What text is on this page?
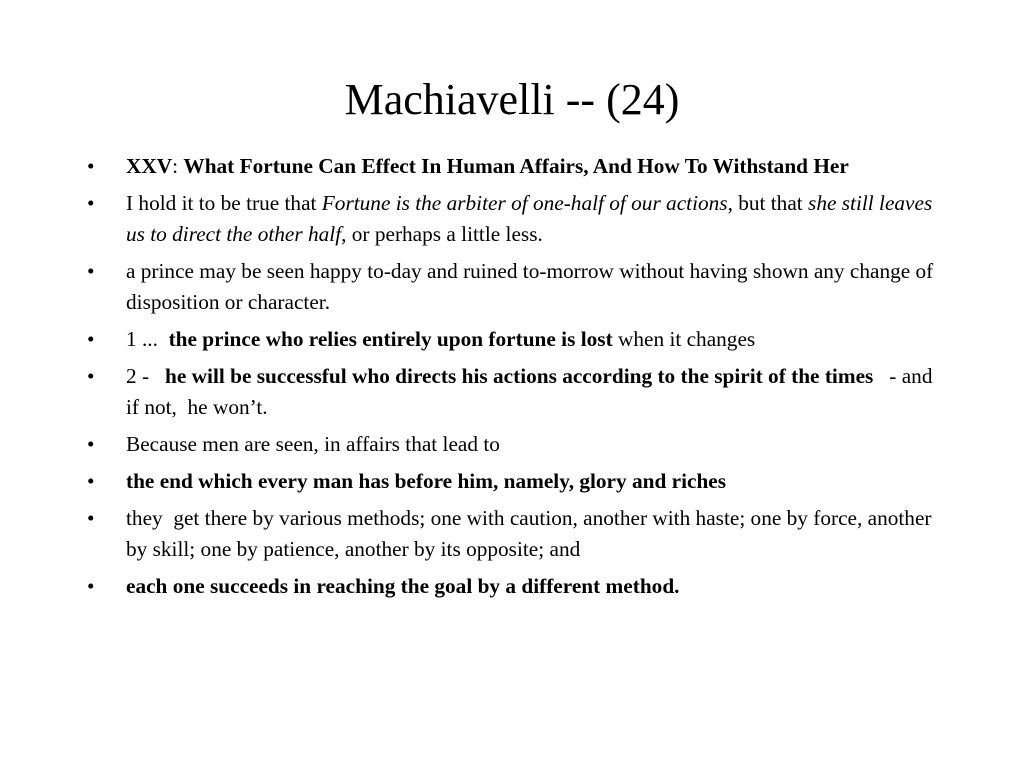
Machiavelli -- (24)
•	XXV: What Fortune Can Effect In Human Affairs, And How To Withstand Her
•	I hold it to be true that Fortune is the arbiter of one-half of our actions, but that she still leaves us to direct the other half, or perhaps a little less.
•	a prince may be seen happy to-day and ruined to-morrow without having shown any change of disposition or character.
•	1 ...  the prince who relies entirely upon fortune is lost when it changes
•	2 -   he will be successful who directs his actions according to the spirit of the times   - and if not,  he won’t.
•	Because men are seen, in affairs that lead to
•	the end which every man has before him, namely, glory and riches
•	they  get there by various methods; one with caution, another with haste; one by force, another by skill; one by patience, another by its opposite; and
•	each one succeeds in reaching the goal by a different method.
